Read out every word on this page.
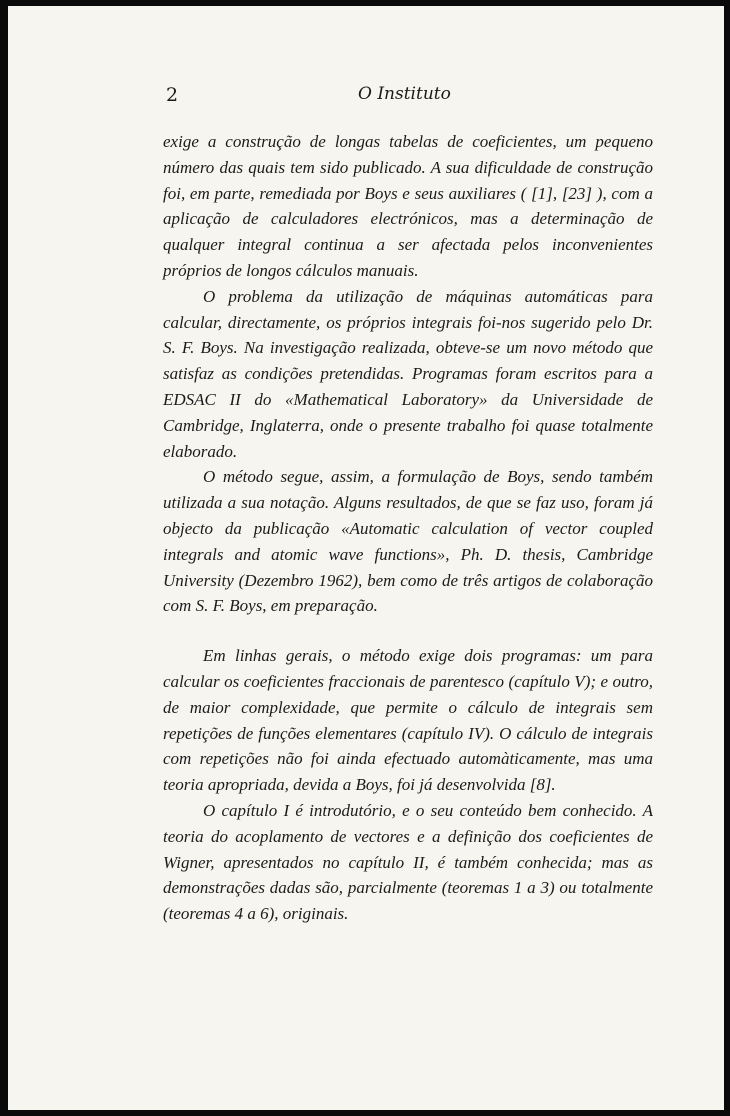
2	O Instituto

exige a construção de longas tabelas de coeficientes, um pequeno número das quais tem sido publicado. A sua dificuldade de construção foi, em parte, remediada por Boys e seus auxiliares ( [1], [23] ), com a aplicação de calculadores electrónicos, mas a determinação de qualquer integral continua a ser afectada pelos inconvenientes próprios de longos cálculos manuais.

O problema da utilização de máquinas automáticas para calcular, directamente, os próprios integrais foi-nos sugerido pelo Dr. S. F. Boys. Na investigação realizada, obteve-se um novo método que satisfaz as condições pretendidas. Programas foram escritos para a EDSAC II do «Mathematical Laboratory» da Universidade de Cambridge, Inglaterra, onde o presente trabalho foi quase totalmente elaborado.

O método segue, assim, a formulação de Boys, sendo também utilizada a sua notação. Alguns resultados, de que se faz uso, foram já objecto da publicação «Automatic calculation of vector coupled integrals and atomic wave functions», Ph. D. thesis, Cambridge University (Dezembro 1962), bem como de três artigos de colaboração com S. F. Boys, em preparação.

Em linhas gerais, o método exige dois programas: um para calcular os coeficientes fraccionais de parentesco (capítulo V); e outro, de maior complexidade, que permite o cálculo de integrais sem repetições de funções elementares (capítulo IV). O cálculo de integrais com repetições não foi ainda efectuado automàticamente, mas uma teoria apropriada, devida a Boys, foi já desenvolvida [8].

O capítulo I é introdutório, e o seu conteúdo bem conhecido. A teoria do acoplamento de vectores e a definição dos coeficientes de Wigner, apresentados no capítulo II, é também conhecida; mas as demonstrações dadas são, parcialmente (teoremas 1 a 3) ou totalmente (teoremas 4 a 6), originais.
